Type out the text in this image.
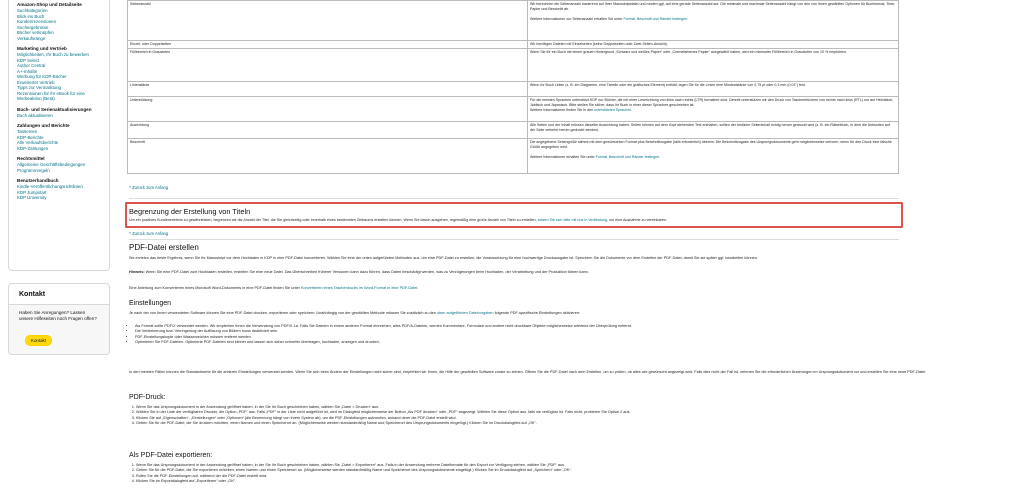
Amazon-Shop und Detailseite
Suchkategorien
Blick ins Buch
Kundenrezensionen
Suchergebnisse
Bücher verknüpfen
Verkaufsränge
Marketing und Vertrieb
Möglichkeiten, Ihr Buch zu bewerben
KDP Select
Author Central
A+-Inhalte
Werbung für KDP-Bücher
Erweiterter Vertrieb
Tipps zur Vermarktung
Rezensionen für Ihr eBook für eine Werbeaktion (Beta)
Buch- und Serienaktualisierungen
Buch aktualisieren
Zahlungen und Berichte
Tantiemen
KDP-Berichte
Alle Verkaufsberichte
KDP-Zahlungen
Rechtsmittel
Allgemeine Geschäftsbedingungen
Programmregeln
Benutzerhandbuch
Kindle-Veröffentlichungsrichtlinien
KDP Jumpstart
KDP University
Kontakt
Haben Sie Anregungen? Lassen unsere Hilfeseiten noch Fragen offen?
Kontakt
Seitenanzahl	Wir berechnen die Seitenanzahl basierend auf Ihrer Manuskriptdatei und runden ggf. auf eine gerade Seitenanzahl auf. Die minimale und maximale Seitenanzahl hängt von den von Ihnen gewählten Optionen für Buchformat, Tinte, Papier und Beschnitt ab.

Weitere Informationen zur Seitenanzahl erhalten Sie unter Format, Beschnitt und Ränder festlegen.
Einzel- oder Doppelseiten	Wir benötigen Dateien mit Einzelseiten (keine Doppelseiten oder Zwei-Seiten-Ansicht).
Füllbereich in Graustufen	Wenn Sie für ein Buch mit einem grauen Hintergrund „Schwarz und weißes Papier“ oder „Cremefarbenes Papier“ ausgewählt haben, wird ein minimaler Füllbereich in Graustufen von 10 % empfohlen.
Linienstärke	Wenn Ihr Buch Linien (z. B. ein Diagramm, eine Tabelle oder ein grafisches Element) enthält, legen Sie für die Linien eine Mindeststärke von 0,75 pt oder 0,3 mm (0,01") fest.
Unterstützung	Für die meisten Sprachen unterstützt KDP nur Bücher, die mit einer Leserichtung von links nach rechts (LTR) formatiert sind. Derzeit unterstützen wir den Druck von Taschenbüchern von rechts nach links (RTL) nur auf Hebräisch, Jiddisch und Japanisch. Bitte stellen Sie sicher, dass Ihr Buch in einer dieser Sprachen geschrieben ist.
Weitere Informationen finden Sie in den unterstützten Sprachen.
Ausrichtung	Alle Seiten und der Inhalt müssen dieselbe Ausrichtung haben. Seiten können auf dem Kopf stehenden Text enthalten, sollten der restliche Seiteninhalt richtig herum gedruckt wird (z. B. ein Rätselbuch, in dem die Antworten auf der Seite verkehrt herum gedruckt werden).
Beschnitt	Die angegebene Seitengröße stimmt mit dem gewünschten Format plus Beschnittzugabe (falls erforderlich) überein. Die Beschnittzugabe des Ursprungsdokuments geht möglicherweise verloren, wenn für den Druck eine falsche Größe angegeben wird.

Weitere Informationen erhalten Sie unter Format, Beschnitt und Ränder festlegen.
^ Zurück zum Anfang
Begrenzung der Erstellung von Titeln
Um ein positives Kundenerlebnis zu gewährleisten, begrenzen wir die Anzahl der Titel, die Sie gleichzeitig oder innerhalb eines bestimmten Zeitraums erstellen können. Wenn Sie davon ausgehen, regelmäßig eine große Anzahl von Titeln zu erstellen, setzen Sie sich bitte mit uns in Verbindung, um eine Ausnahme zu vereinbaren.
^ Zurück zum Anfang
PDF-Datei erstellen

Sie erzielen das beste Ergebnis, wenn Sie Ihr Manuskript vor dem Hochladen in KDP in eine PDF-Datei konvertieren. Wählen Sie eine der unten aufgeführten Methoden aus, um eine PDF-Datei zu erstellen, die Voraussetzung für eine hochwertige Druckausgabe ist. Speichern Sie die Dokumente vor dem Erstellen der PDF-Datei; damit Sie sie später ggf. bearbeiten können.

Hinweis: Wenn Sie eine PDF-Datei zum Hochladen erstellen, erstellen Sie eine neue Datei. Das Überschreiben früherer Versionen kann dazu führen, dass Daten beschädigt werden, was zu Verzögerungen beim Hochladen, der Verarbeitung und der Produktion führen kann.

Eine Anleitung zum Konvertieren eines Microsoft Word-Dokuments in eine PDF-Datei finden Sie unter Konvertieren eines Taschenbuchs im Word-Format in eine PDF-Datei.

Einstellungen

Je nach der von Ihnen verwendeten Software können Sie eine PDF-Datei drucken, exportieren oder speichern. Unabhängig von der gewählten Methode müssen Sie zusätzlich zu den oben aufgeführten Dateivorgaben folgende PDF-spezifische Einstellungen aktivieren:

• Als Format sollte PDF/X verwendet werden. Wir empfehlen Ihnen die Verwendung von PDF/X-1a. Falls Sie Dateien in einem anderen Format einreichen, alles PDF/A-Dateien, werden Kommentare, Formulare und andere nicht druckbare Objekte möglicherweise während der Überprüfung entfernt.
• Die Verkleinerung bzw. Verringerung der Auflösung von Bildern muss deaktiviert sein.
• PDF-Einstellungskopie oder Wasserzeichen müssen entfernt werden.
• Optimieren Sie PDF-Dateien. Optimierte PDF-Dateien sind kleiner und lassen sich daher schneller übertragen, hochladen, anzeigen und drucken.

In den meisten Fällen können die Standardwerte für die anderen Einstellungen verwendet werden. Wenn Sie sich beim Ändern der Einstellungen nicht sicher sind, empfehlen wir Ihnen, die Hilfe der gewählten Software zurate zu ziehen. Öffnen Sie die PDF-Datei nach dem Erstellen, um zu prüfen, ob alles wie gewünscht angezeigt wird. Falls dies nicht der Fall ist, nehmen Sie die erforderlichen Änderungen im Ursprungsdokument vor und erstellen Sie eine neue PDF-Datei.

PDF-Druck:
1. Wenn Sie das Ursprungsdokument in der Anwendung geöffnet haben, in der Sie Ihr Buch geschrieben haben, wählen Sie „Datei > Drucken“ aus.
2. Wählen Sie in der Liste der verfügbaren Drucker, die Option „PDF“ aus. Falls „PDF“ in der Liste nicht aufgeführt ist, wird im Dialogfeld möglicherweise der Button „Als PDF drucken“ oder „PDF“ angezeigt. Wählen Sie diese Option aus, falls sie verfügbar ist. Falls nicht, probieren Sie Option 2 aus.
3. Klicken Sie auf „Eigenschaften“, „Einstellungen“ oder „Optionen“ (die Benennung hängt von Ihrem System ab), um die PDF-Einstellungen aufzurufen, anhand derer die PDF-Datei erstellt wird.
4. Geben Sie für die PDF-Datei, die Sie drucken möchten, einen Namen und einen Speicherort an. (Möglicherweise werden standardmäßig Name und Speicherort des Ursprungsdokuments eingefügt.) Klicken Sie im Druckdialogfeld auf „OK“.
Als PDF-Datei exportieren:
1. Wenn Sie das Ursprungsdokument in der Anwendung geöffnet haben, in der Sie Ihr Buch geschrieben haben, wählen Sie „Datei > Exportieren“ aus. Falls in der Anwendung mehrere Dateiformate für den Export zur Verfügung stehen, wählen Sie „PDF“ aus.
2. Geben Sie für die PDF-Datei, die Sie exportieren möchten, einen Namen und einen Speicherort an. (Möglicherweise werden standardmäßig Name und Speicherort des Ursprungsdokuments eingefügt.) Klicken Sie im Druckdialogfeld auf „Speichern“ oder „OK“.
3. Rufen Sie die PDF-Einstellungen auf, während der die PDF-Datei erstellt wird.
4. Klicken Sie im Exportdialogfeld auf „Exportieren“ oder „OK“.
